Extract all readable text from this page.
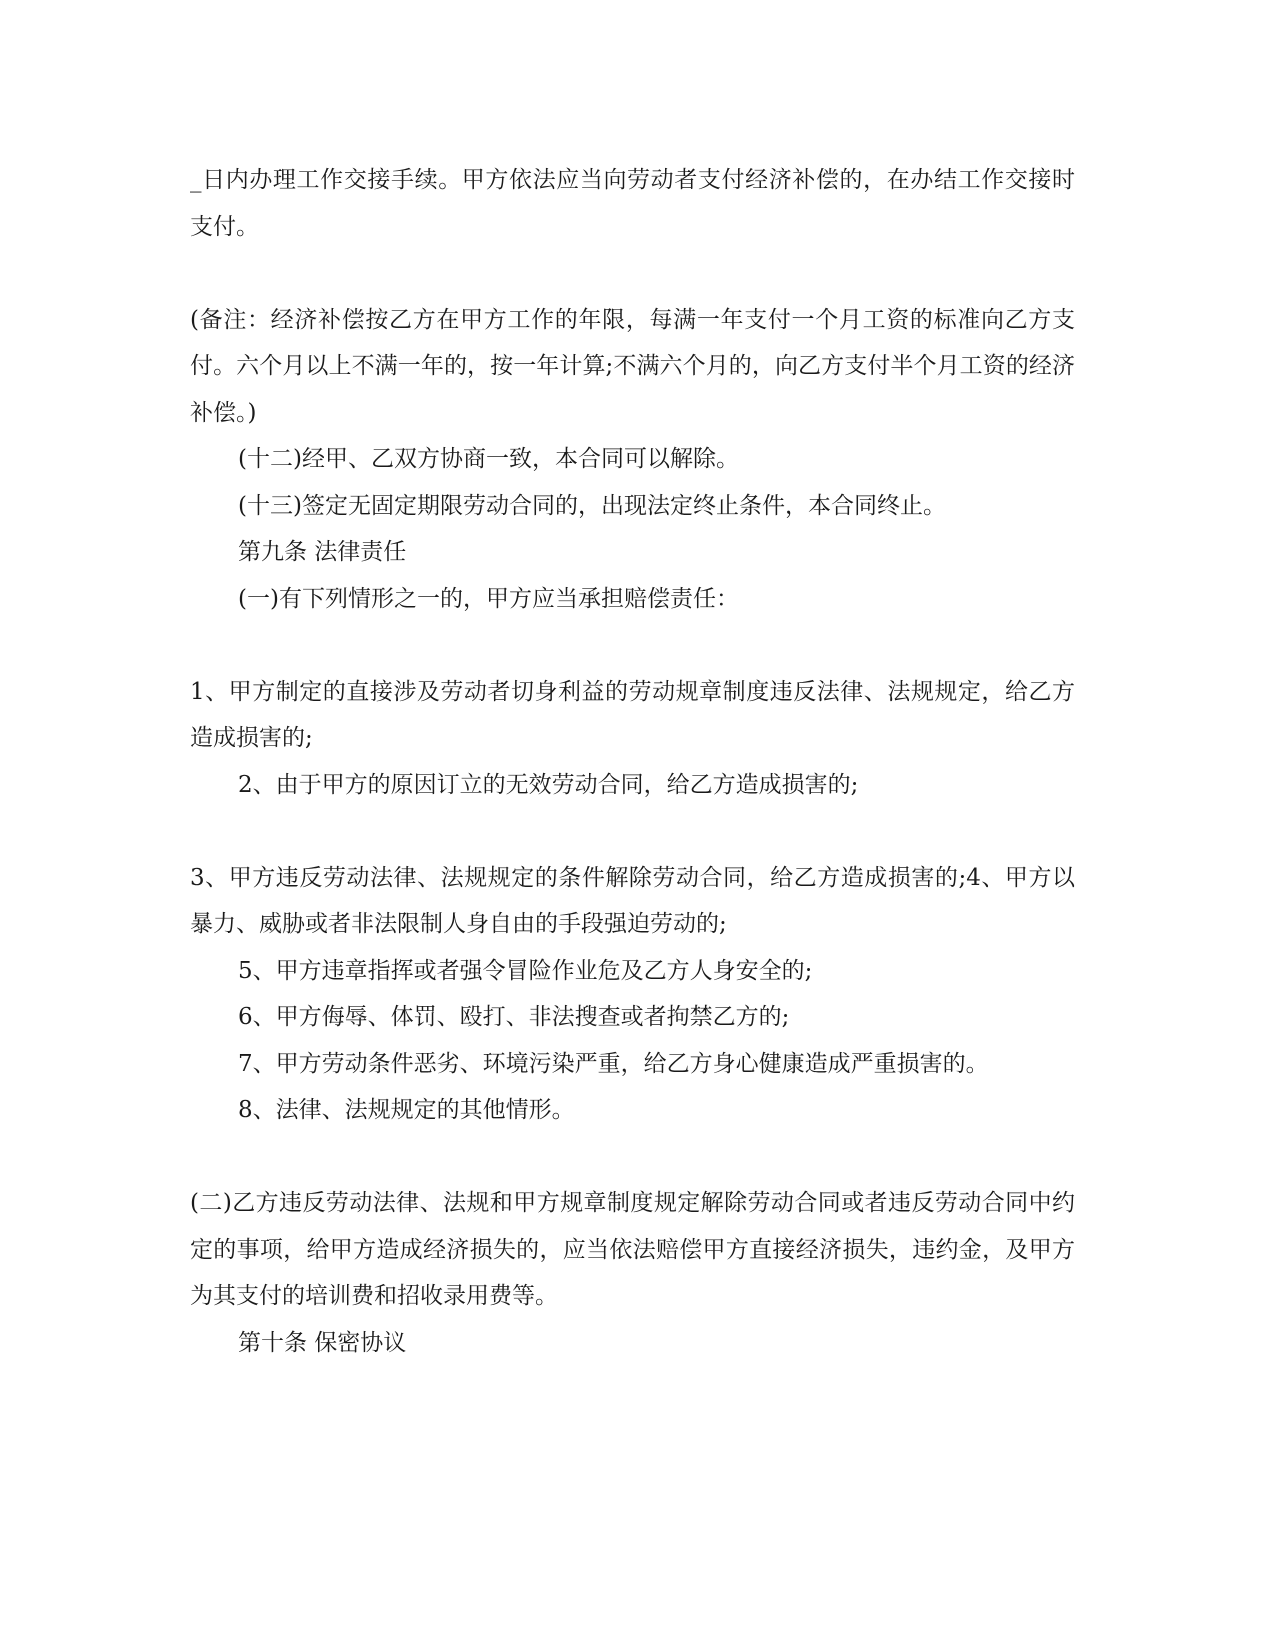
_日内办理工作交接手续。甲方依法应当向劳动者支付经济补偿的，在办结工作交接时支付。

(备注：经济补偿按乙方在甲方工作的年限，每满一年支付一个月工资的标准向乙方支付。六个月以上不满一年的，按一年计算;不满六个月的，向乙方支付半个月工资的经济补偿。)

(十二)经甲、乙双方协商一致，本合同可以解除。

(十三)签定无固定期限劳动合同的，出现法定终止条件，本合同终止。

第九条 法律责任

(一)有下列情形之一的，甲方应当承担赔偿责任：

1、甲方制定的直接涉及劳动者切身利益的劳动规章制度违反法律、法规规定，给乙方造成损害的;

2、由于甲方的原因订立的无效劳动合同，给乙方造成损害的;

3、甲方违反劳动法律、法规规定的条件解除劳动合同，给乙方造成损害的;4、甲方以暴力、威胁或者非法限制人身自由的手段强迫劳动的;

5、甲方违章指挥或者强令冒险作业危及乙方人身安全的;

6、甲方侮辱、体罚、殴打、非法搜查或者拘禁乙方的;

7、甲方劳动条件恶劣、环境污染严重，给乙方身心健康造成严重损害的。

8、法律、法规规定的其他情形。

(二)乙方违反劳动法律、法规和甲方规章制度规定解除劳动合同或者违反劳动合同中约定的事项，给甲方造成经济损失的，应当依法赔偿甲方直接经济损失，违约金，及甲方为其支付的培训费和招收录用费等。

第十条 保密协议
